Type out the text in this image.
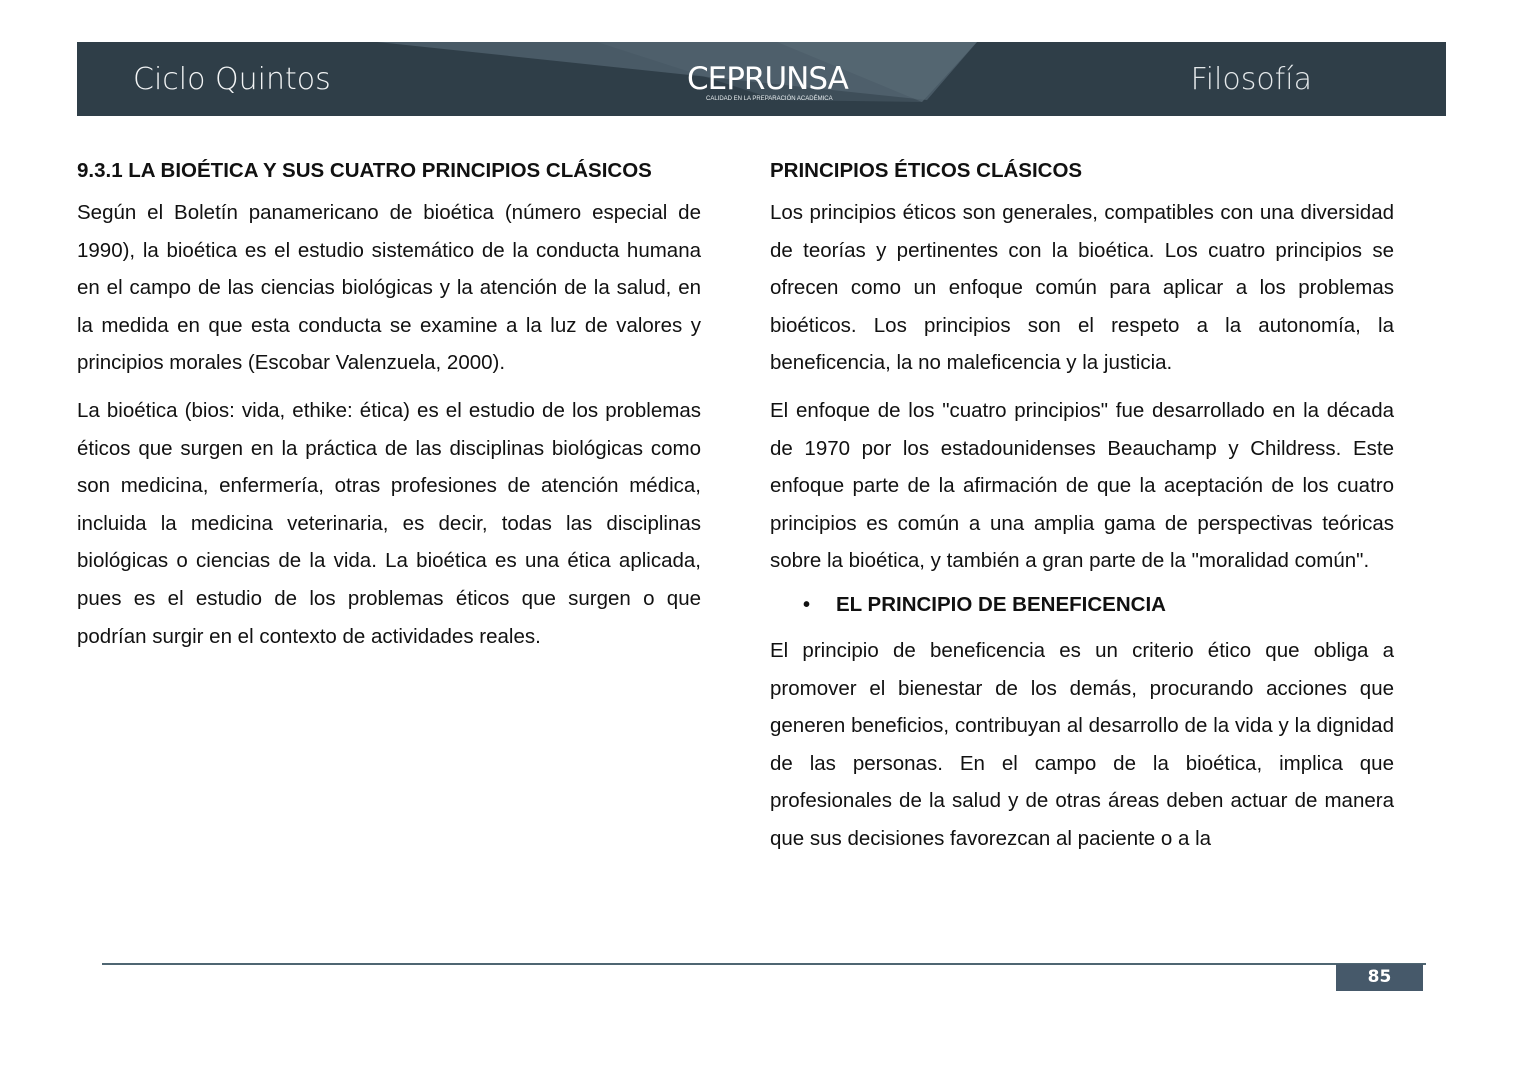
Ciclo Quintos	CEPRUNSA
CALIDAD EN LA PREPARACIÓN ACADÉMICA
Filosofía
9.3.1 LA BIOÉTICA Y SUS CUATRO PRINCIPIOS CLÁSICOS

Según el Boletín panamericano de bioética (número especial de 1990), la bioética es el estudio sistemático de la conducta humana en el campo de las ciencias biológicas y la atención de la salud, en la medida en que esta conducta se examine a la luz de valores y principios morales (Escobar Valenzuela, 2000).

La bioética (bios: vida, ethike: ética) es el estudio de los problemas éticos que surgen en la práctica de las disciplinas biológicas como son medicina, enfermería, otras profesiones de atención médica, incluida la medicina veterinaria, es decir, todas las disciplinas biológicas o ciencias de la vida. La bioética es una ética aplicada, pues es el estudio de los problemas éticos que surgen o que podrían surgir en el contexto de actividades reales.

PRINCIPIOS ÉTICOS CLÁSICOS

Los principios éticos son generales, compatibles con una diversidad de teorías y pertinentes con la bioética. Los cuatro principios se ofrecen como un enfoque común para aplicar a los problemas bioéticos. Los principios son el respeto a la autonomía, la beneficencia, la no maleficencia y la justicia.

El enfoque de los "cuatro principios" fue desarrollado en la década de 1970 por los estadounidenses Beauchamp y Childress. Este enfoque parte de la afirmación de que la aceptación de los cuatro principios es común a una amplia gama de perspectivas teóricas sobre la bioética, y también a gran parte de la "moralidad común".

• EL PRINCIPIO DE BENEFICENCIA

El principio de beneficencia es un criterio ético que obliga a promover el bienestar de los demás, procurando acciones que generen beneficios, contribuyan al desarrollo de la vida y la dignidad de las personas. En el campo de la bioética, implica que profesionales de la salud y de otras áreas deben actuar de manera que sus decisiones favorezcan al paciente o a la

85
